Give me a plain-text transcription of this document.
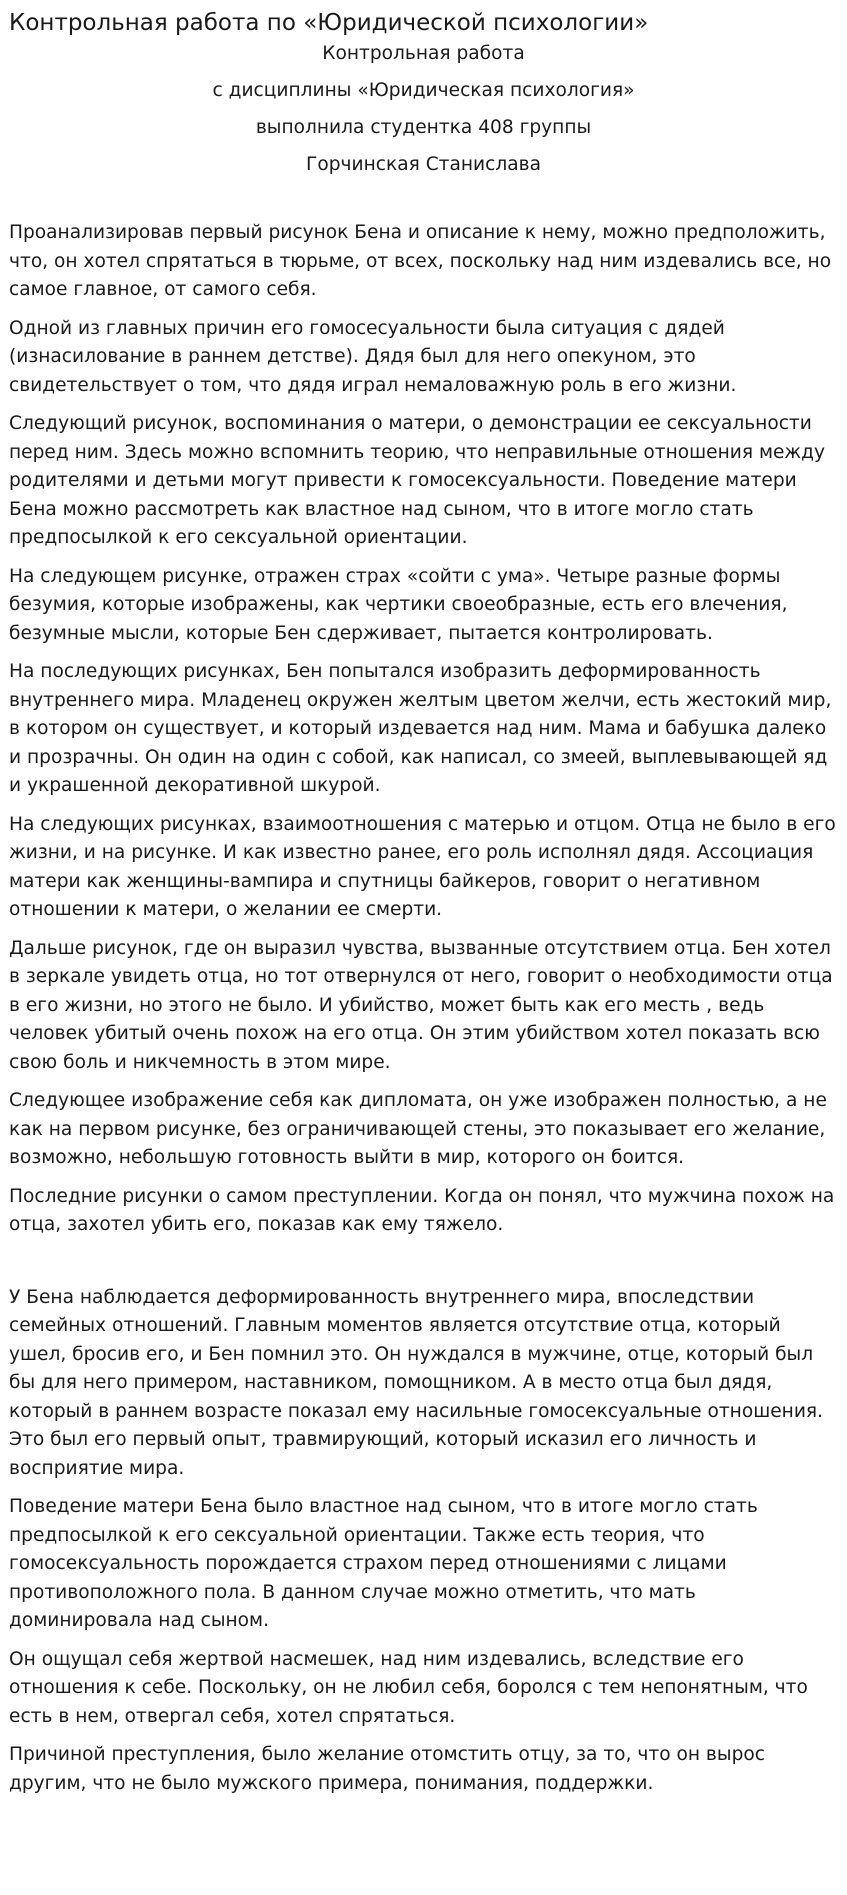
Контрольная работа по «Юридической психологии»

Контрольная работа

с дисциплины «Юридическая психология»

выполнила студентка 408 группы

Горчинская Станислава

Проанализировав первый рисунок Бена и описание к нему, можно предположить, что, он хотел спрятаться в тюрьме, от всех, поскольку над ним издевались все, но самое главное, от самого себя.

Одной из главных причин его гомосесуальности была ситуация с дядей (изнасилование в раннем детстве). Дядя был для него опекуном, это свидетельствует о том, что дядя играл немаловажную роль в его жизни.

Следующий рисунок, воспоминания о матери, о демонстрации ее сексуальности перед ним. Здесь можно вспомнить теорию, что неправильные отношения между родителями и детьми могут привести к гомосексуальности. Поведение матери Бена можно рассмотреть как властное над сыном, что в итоге могло стать предпосылкой к его сексуальной ориентации.

На следующем рисунке, отражен страх «сойти с ума». Четыре разные формы безумия, которые изображены, как чертики своеобразные, есть его влечения, безумные мысли, которые Бен сдерживает, пытается контролировать.

На последующих рисунках, Бен попытался изобразить деформированность внутреннего мира. Младенец окружен желтым цветом желчи, есть жестокий мир, в котором он существует, и который издевается над ним. Мама и бабушка далеко и прозрачны. Он один на один с собой, как написал, со змеей, выплевывающей яд и украшенной декоративной шкурой.

На следующих рисунках, взаимоотношения с матерью и отцом. Отца не было в его жизни, и на рисунке. И как известно ранее, его роль исполнял дядя. Ассоциация матери как женщины-вампира и спутницы байкеров, говорит о негативном отношении к матери, о желании ее смерти.

Дальше рисунок, где он выразил чувства, вызванные отсутствием отца. Бен хотел в зеркале увидеть отца, но тот отвернулся от него, говорит о необходимости отца в его жизни, но этого не было. И убийство, может быть как его месть , ведь человек убитый очень похож на его отца. Он этим убийством хотел показать всю свою боль и никчемность в этом мире.

Следующее изображение себя как дипломата, он уже изображен полностью, а не как на первом рисунке, без ограничивающей стены, это показывает его желание, возможно, небольшую готовность выйти в мир, которого он боится.

Последние рисунки о самом преступлении. Когда он понял, что мужчина похож на отца, захотел убить его, показав как ему тяжело.

У Бена наблюдается деформированность внутреннего мира, впоследствии семейных отношений. Главным моментов является отсутствие отца, который ушел, бросив его, и Бен помнил это. Он нуждался в мужчине, отце, который был бы для него примером, наставником, помощником. А в место отца был дядя, который в раннем возрасте показал ему насильные гомосексуальные отношения. Это был его первый опыт, травмирующий, который исказил его личность и восприятие мира.

Поведение матери Бена было властное над сыном, что в итоге могло стать предпосылкой к его сексуальной ориентации. Также есть теория, что гомосексуальность порождается страхом перед отношениями с лицами противоположного пола. В данном случае можно отметить, что мать доминировала над сыном.

Он ощущал себя жертвой насмешек, над ним издевались, вследствие его отношения к себе. Поскольку, он не любил себя, боролся с тем непонятным, что есть в нем, отвергал себя, хотел спрятаться.

Причиной преступления, было желание отомстить отцу, за то, что он вырос другим, что не было мужского примера, понимания, поддержки.
